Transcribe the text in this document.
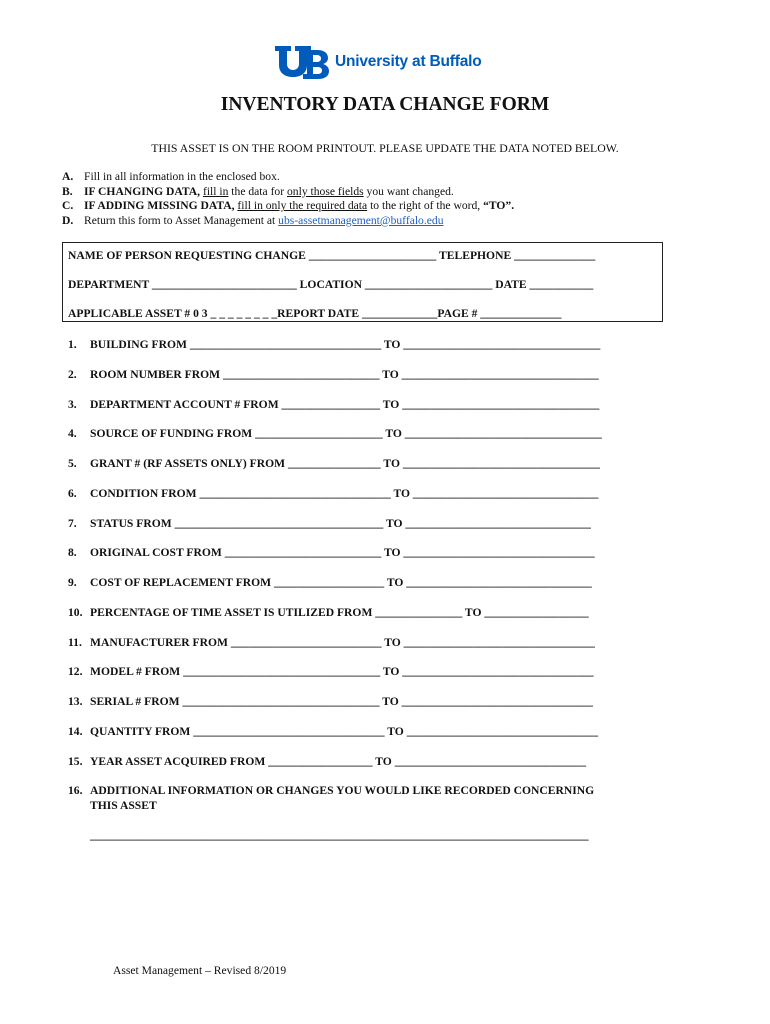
University at Buffalo
INVENTORY DATA CHANGE FORM
THIS ASSET IS ON THE ROOM PRINTOUT. PLEASE UPDATE THE DATA NOTED BELOW.
A. Fill in all information in the enclosed box.
B. IF CHANGING DATA, fill in the data for only those fields you want changed.
C. IF ADDING MISSING DATA, fill in only the required data to the right of the word, “TO”.
D. Return this form to Asset Management at ubs-assetmanagement@buffalo.edu
NAME OF PERSON REQUESTING CHANGE ______________________ TELEPHONE ______________
DEPARTMENT _________________________ LOCATION ______________________ DATE ___________
APPLICABLE ASSET # 0 3 _ _ _ _ _ _ _ _REPORT DATE _____________PAGE # ______________
1. BUILDING FROM _________________________________ TO __________________________________
2. ROOM NUMBER FROM ___________________________ TO __________________________________
3. DEPARTMENT ACCOUNT # FROM _________________ TO __________________________________
4. SOURCE OF FUNDING FROM ______________________ TO __________________________________
5. GRANT # (RF ASSETS ONLY) FROM ________________ TO __________________________________
6. CONDITION FROM _________________________________ TO ________________________________
7. STATUS FROM ____________________________________ TO ________________________________
8. ORIGINAL COST FROM ___________________________ TO _________________________________
9. COST OF REPLACEMENT FROM ___________________ TO ________________________________
10. PERCENTAGE OF TIME ASSET IS UTILIZED FROM _______________ TO __________________
11. MANUFACTURER FROM __________________________ TO _________________________________
12. MODEL # FROM __________________________________ TO _________________________________
13. SERIAL # FROM __________________________________ TO _________________________________
14. QUANTITY FROM _________________________________ TO _________________________________
15. YEAR ASSET ACQUIRED FROM __________________ TO _________________________________
16. ADDITIONAL INFORMATION OR CHANGES YOU WOULD LIKE RECORDED CONCERNING
THIS ASSET
______________________________________________________________________________________
Asset Management – Revised 8/2019
